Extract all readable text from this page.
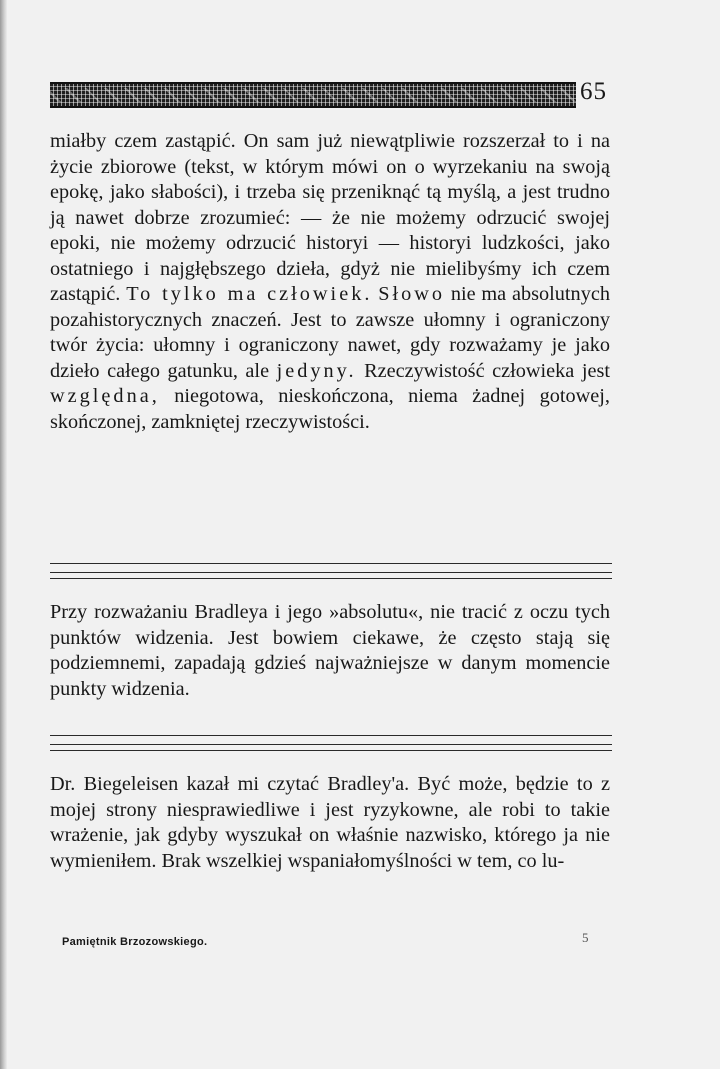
65

miałby czem zastąpić. On sam już niewątpliwie rozszerzał to i na życie zbiorowe (tekst, w którym mówi on o wyrzekaniu na swoją epokę, jako słabości), i trzeba się przeniknąć tą myślą, a jest trudno ją nawet dobrze zrozumieć: — że nie możemy odrzucić swojej epoki, nie możemy odrzucić historyi — historyi ludzkości, jako ostatniego i najgłębszego dzieła, gdyż nie mielibyśmy ich czem zastąpić. To tylko ma człowiek. Słowo nie ma absolutnych pozahistorycznych znaczeń. Jest to zawsze ułomny i ograniczony twór życia: ułomny i ograniczony nawet, gdy rozważamy je jako dzieło całego gatunku, ale jedyny. Rzeczywistość człowieka jest względna, niegotowa, nieskończona, niema żadnej gotowej, skończonej, zamkniętej rzeczywistości.

Przy rozważaniu Bradleya i jego »absolutu«, nie tracić z oczu tych punktów widzenia. Jest bowiem ciekawe, że często stają się podziemnemi, zapadają gdzieś najważniejsze w danym momencie punkty widzenia.

Dr. Biegeleisen kazał mi czytać Bradley'a. Być może, będzie to z mojej strony niesprawiedliwe i jest ryzykowne, ale robi to takie wrażenie, jak gdyby wyszukał on właśnie nazwisko, którego ja nie wymieniłem. Brak wszelkiej wspaniałomyślności w tem, co lu-

Pamiętnik Brzozowskiego.	5
